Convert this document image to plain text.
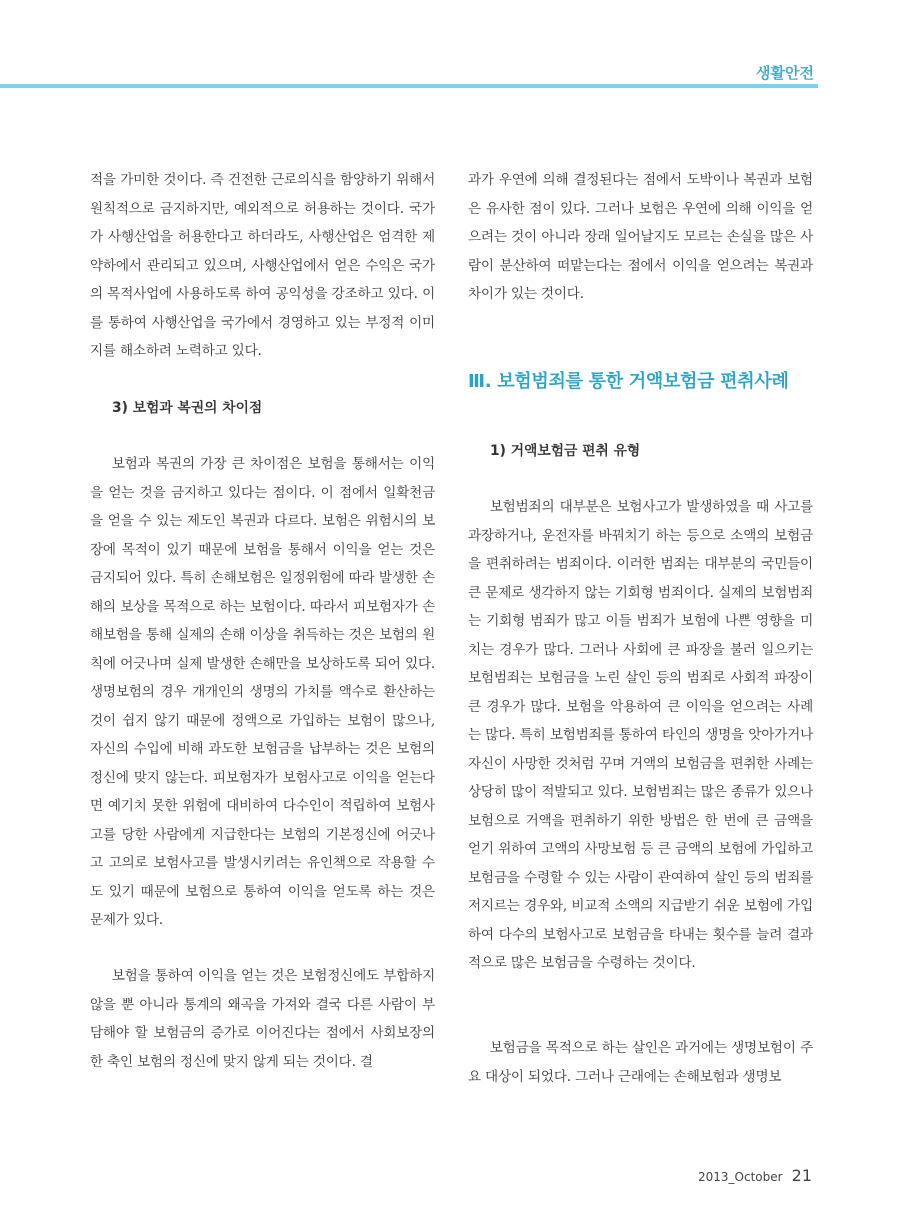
생활안전

적을 가미한 것이다. 즉 건전한 근로의식을 함양하기 위해서 원칙적으로 금지하지만, 예외적으로 허용하는 것이다. 국가가 사행산업을 허용한다고 하더라도, 사행산업은 엄격한 제약하에서 관리되고 있으며, 사행산업에서 얻은 수익은 국가의 목적사업에 사용하도록 하여 공익성을 강조하고 있다. 이를 통하여 사행산업을 국가에서 경영하고 있는 부정적 이미지를 해소하려 노력하고 있다.

3) 보험과 복권의 차이점

보험과 복권의 가장 큰 차이점은 보험을 통해서는 이익을 얻는 것을 금지하고 있다는 점이다. 이 점에서 일확천금을 얻을 수 있는 제도인 복권과 다르다. 보험은 위험시의 보장에 목적이 있기 때문에 보험을 통해서 이익을 얻는 것은 금지되어 있다. 특히 손해보험은 일정위험에 따라 발생한 손해의 보상을 목적으로 하는 보험이다. 따라서 피보험자가 손해보험을 통해 실제의 손해 이상을 취득하는 것은 보험의 원칙에 어긋나며 실제 발생한 손해만을 보상하도록 되어 있다. 생명보험의 경우 개개인의 생명의 가치를 액수로 환산하는 것이 쉽지 않기 때문에 정액으로 가입하는 보험이 많으나, 자신의 수입에 비해 과도한 보험금을 납부하는 것은 보험의 정신에 맞지 않는다. 피보험자가 보험사고로 이익을 얻는다면 예기치 못한 위험에 대비하여 다수인이 적립하여 보험사고를 당한 사람에게 지급한다는 보험의 기본정신에 어긋나고 고의로 보험사고를 발생시키려는 유인책으로 작용할 수도 있기 때문에 보험으로 통하여 이익을 얻도록 하는 것은 문제가 있다.

보험을 통하여 이익을 얻는 것은 보험정신에도 부합하지 않을 뿐 아니라 통계의 왜곡을 가져와 결국 다른 사람이 부담해야 할 보험금의 증가로 이어진다는 점에서 사회보장의 한 축인 보험의 정신에 맞지 않게 되는 것이다. 결

과가 우연에 의해 결정된다는 점에서 도박이나 복권과 보험은 유사한 점이 있다. 그러나 보험은 우연에 의해 이익을 얻으려는 것이 아니라 장래 일어날지도 모르는 손실을 많은 사람이 분산하여 떠맡는다는 점에서 이익을 얻으려는 복권과 차이가 있는 것이다.

Ⅲ. 보험범죄를 통한 거액보험금 편취사례

1) 거액보험금 편취 유형

보험범죄의 대부분은 보험사고가 발생하였을 때 사고를 과장하거나, 운전자를 바꿔치기 하는 등으로 소액의 보험금을 편취하려는 범죄이다. 이러한 범죄는 대부분의 국민들이 큰 문제로 생각하지 않는 기회형 범죄이다. 실제의 보험범죄는 기회형 범죄가 많고 이들 범죄가 보험에 나쁜 영향을 미치는 경우가 많다. 그러나 사회에 큰 파장을 불러 일으키는 보험범죄는 보험금을 노린 살인 등의 범죄로 사회적 파장이 큰 경우가 많다. 보험을 악용하여 큰 이익을 얻으려는 사례는 많다. 특히 보험범죄를 통하여 타인의 생명을 앗아가거나 자신이 사망한 것처럼 꾸며 거액의 보험금을 편취한 사례는 상당히 많이 적발되고 있다. 보험범죄는 많은 종류가 있으나 보험으로 거액을 편취하기 위한 방법은 한 번에 큰 금액을 얻기 위하여 고액의 사망보험 등 큰 금액의 보험에 가입하고 보험금을 수령할 수 있는 사람이 관여하여 살인 등의 범죄를 저지르는 경우와, 비교적 소액의 지급받기 쉬운 보험에 가입하여 다수의 보험사고로 보험금을 타내는 횟수를 늘려 결과적으로 많은 보험금을 수령하는 것이다.

보험금을 목적으로 하는 살인은 과거에는 생명보험이 주요 대상이 되었다. 그러나 근래에는 손해보험과 생명보

2013_October 21
